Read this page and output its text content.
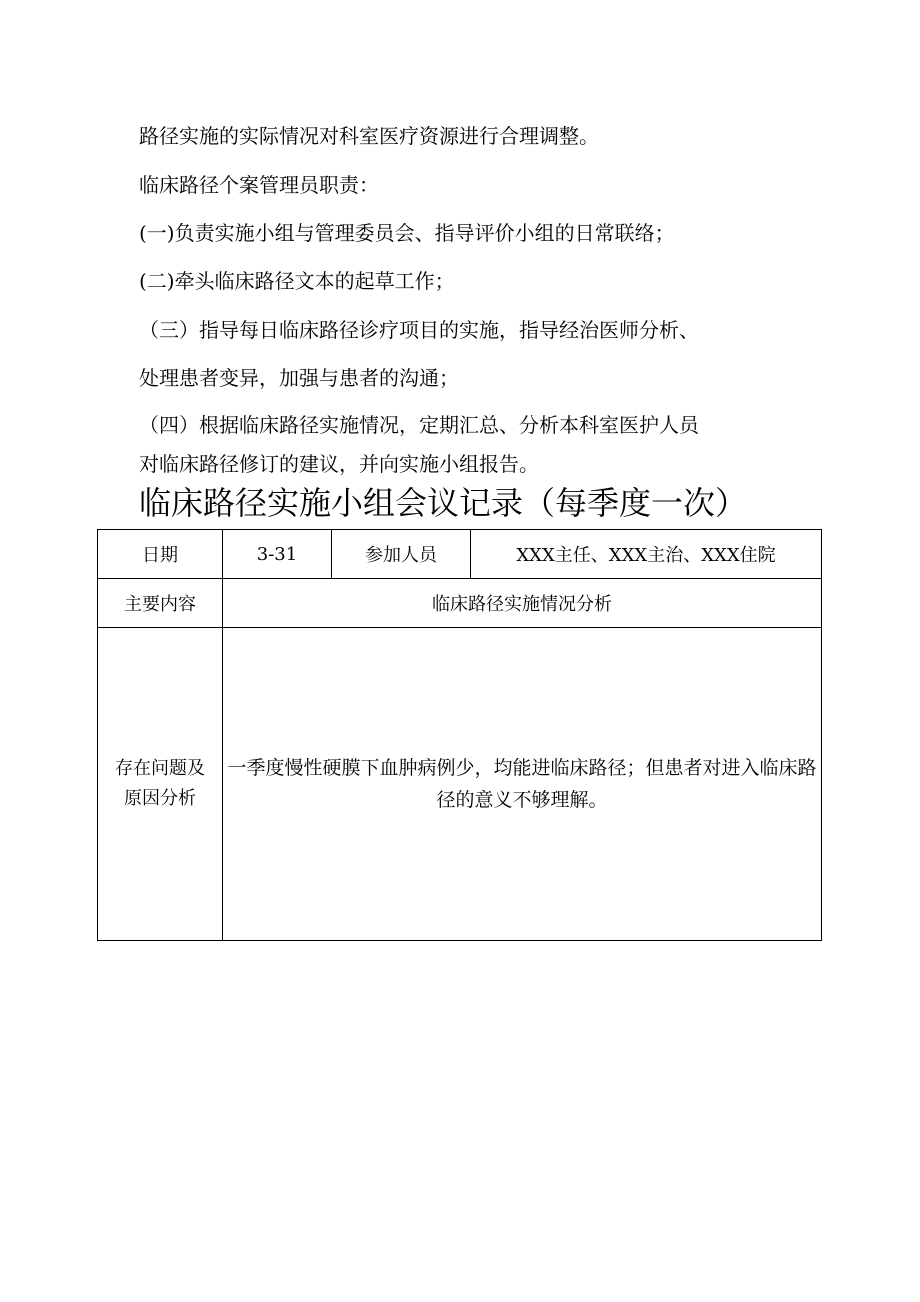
路径实施的实际情况对科室医疗资源进行合理调整。

临床路径个案管理员职责：

(一)负责实施小组与管理委员会、指导评价小组的日常联络；

(二)牵头临床路径文本的起草工作；

（三）指导每日临床路径诊疗项目的实施，指导经治医师分析、

处理患者变异，加强与患者的沟通；

（四）根据临床路径实施情况，定期汇总、分析本科室医护人员

对临床路径修订的建议，并向实施小组报告。

临床路径实施小组会议记录（每季度一次）
日期	3-31	参加人员	XXX主任、XXX主治、XXX住院
主要内容	临床路径实施情况分析		
存在问题及
原因分析	一季度慢性硬膜下血肿病例少，均能进临床路径；但患者对进入临床路径的意义不够理解。		
